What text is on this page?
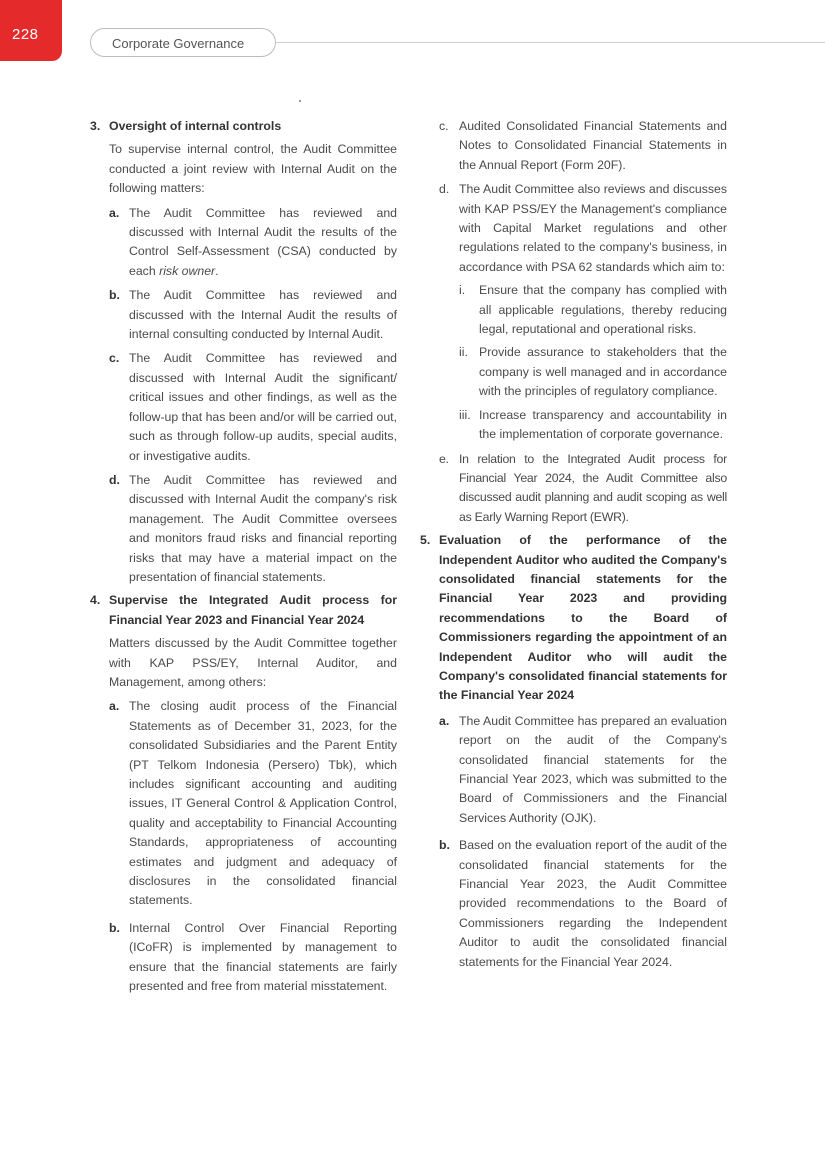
228
Corporate Governance
3. Oversight of internal controls

To supervise internal control, the Audit Committee conducted a joint review with Internal Audit on the following matters:

a. The Audit Committee has reviewed and discussed with Internal Audit the results of the Control Self-Assessment (CSA) conducted by each risk owner.
b. The Audit Committee has reviewed and discussed with the Internal Audit the results of internal consulting conducted by Internal Audit.
c. The Audit Committee has reviewed and discussed with Internal Audit the significant/ critical issues and other findings, as well as the follow-up that has been and/or will be carried out, such as through follow-up audits, special audits, or investigative audits.
d. The Audit Committee has reviewed and discussed with Internal Audit the company's risk management. The Audit Committee oversees and monitors fraud risks and financial reporting risks that may have a material impact on the presentation of financial statements.
4. Supervise the Integrated Audit process for Financial Year 2023 and Financial Year 2024

Matters discussed by the Audit Committee together with KAP PSS/EY, Internal Auditor, and Management, among others:

a. The closing audit process of the Financial Statements as of December 31, 2023, for the consolidated Subsidiaries and the Parent Entity (PT Telkom Indonesia (Persero) Tbk), which includes significant accounting and auditing issues, IT General Control & Application Control, quality and acceptability to Financial Accounting Standards, appropriateness of accounting estimates and judgment and adequacy of disclosures in the consolidated financial statements.
b. Internal Control Over Financial Reporting (ICoFR) is implemented by management to ensure that the financial statements are fairly presented and free from material misstatement.
c. Audited Consolidated Financial Statements and Notes to Consolidated Financial Statements in the Annual Report (Form 20F).
d. The Audit Committee also reviews and discusses with KAP PSS/EY the Management's compliance with Capital Market regulations and other regulations related to the company's business, in accordance with PSA 62 standards which aim to:
i. Ensure that the company has complied with all applicable regulations, thereby reducing legal, reputational and operational risks.
ii. Provide assurance to stakeholders that the company is well managed and in accordance with the principles of regulatory compliance.
iii. Increase transparency and accountability in the implementation of corporate governance.
e. In relation to the Integrated Audit process for Financial Year 2024, the Audit Committee also discussed audit planning and audit scoping as well as Early Warning Report (EWR).
5. Evaluation of the performance of the Independent Auditor who audited the Company's consolidated financial statements for the Financial Year 2023 and providing recommendations to the Board of Commissioners regarding the appointment of an Independent Auditor who will audit the Company's consolidated financial statements for the Financial Year 2024
a. The Audit Committee has prepared an evaluation report on the audit of the Company's consolidated financial statements for the Financial Year 2023, which was submitted to the Board of Commissioners and the Financial Services Authority (OJK).
b. Based on the evaluation report of the audit of the consolidated financial statements for the Financial Year 2023, the Audit Committee provided recommendations to the Board of Commissioners regarding the Independent Auditor to audit the consolidated financial statements for the Financial Year 2024.
